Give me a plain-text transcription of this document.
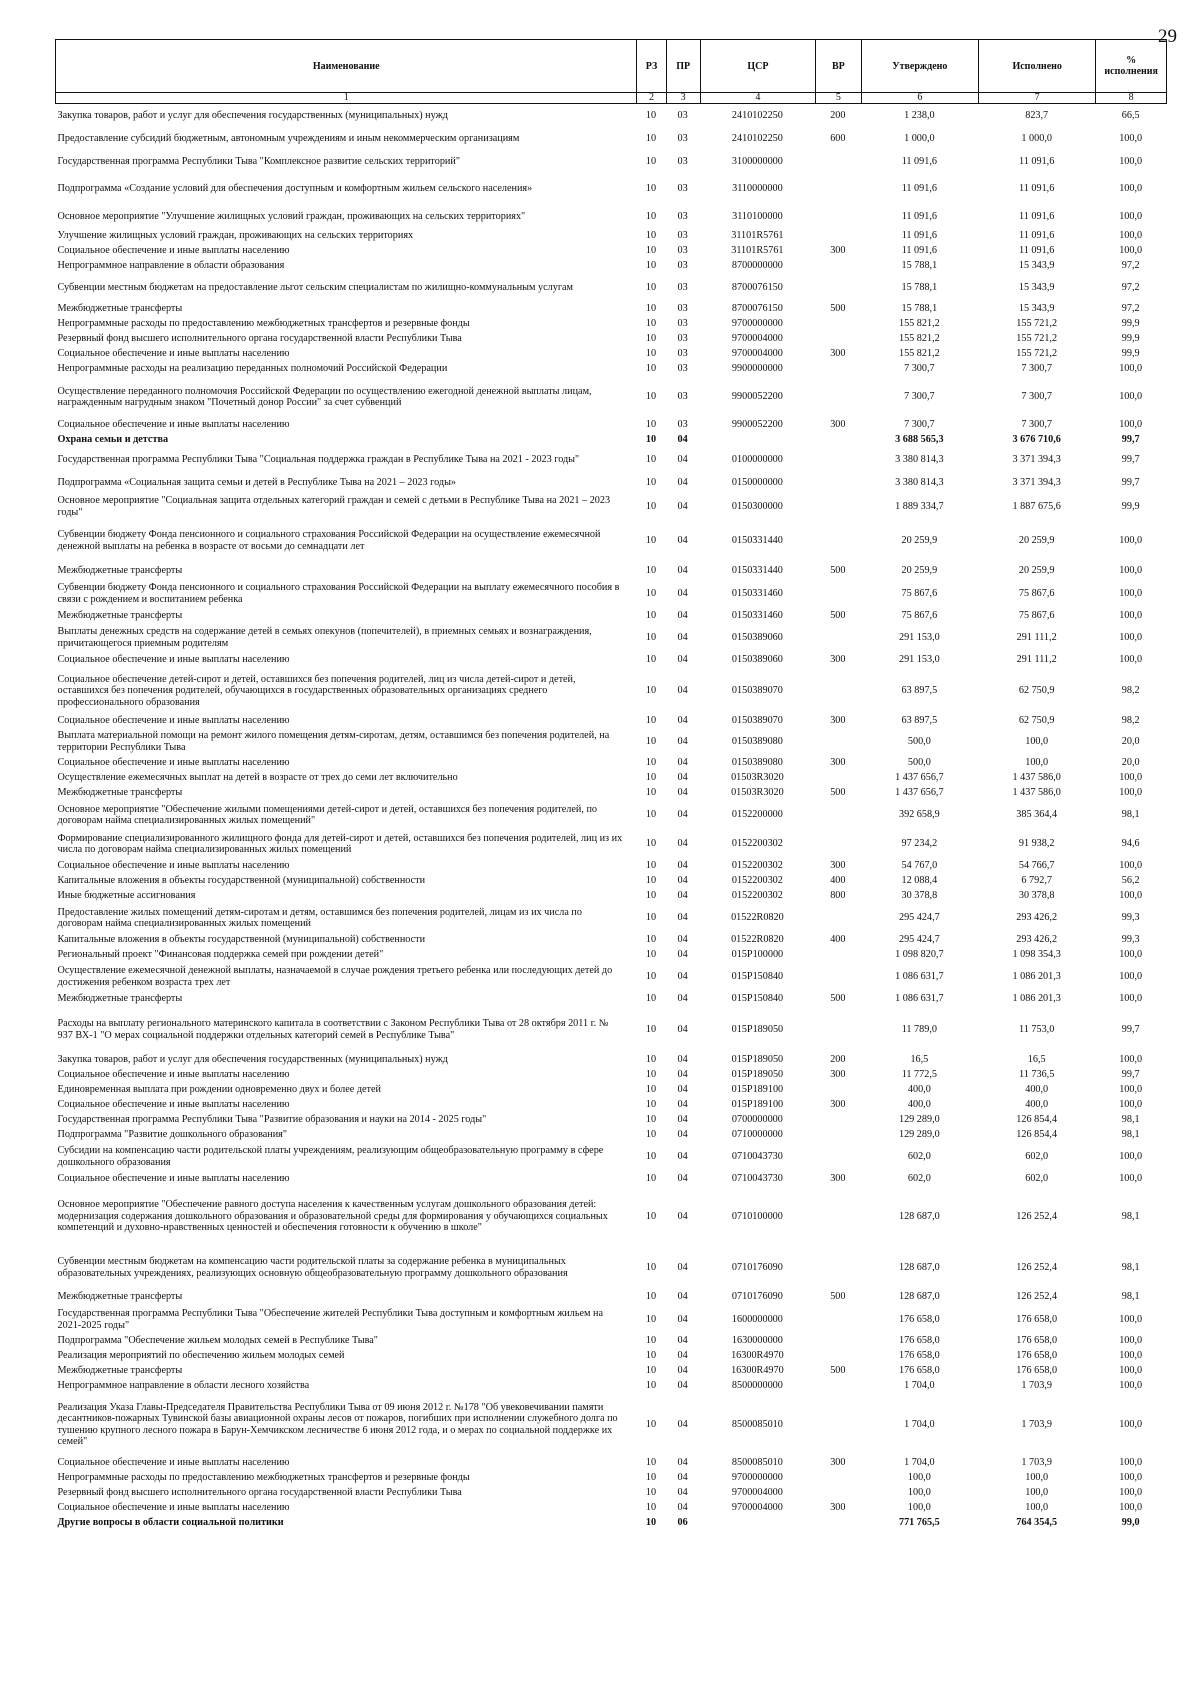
29
Наименование	РЗ	ПР	ЦСР	ВР	Утверждено	Исполнено	% исполнения
1	2	3	4	5	6	7	8
Закупка товаров, работ и услуг для обеспечения государственных (муниципальных) нужд	10	03	2410102250	200	1 238,0	823,7	66,5
Предоставление субсидий бюджетным, автономным учреждениям и иным некоммерческим организациям	10	03	2410102250	600	1 000,0	1 000,0	100,0
Государственная программа Республики Тыва "Комплексное развитие сельских территорий"	10	03	3100000000		11 091,6	11 091,6	100,0
Подпрограмма «Создание условий для обеспечения доступным и комфортным жильем сельского населения»	10	03	3110000000		11 091,6	11 091,6	100,0
Основное мероприятие "Улучшение жилищных условий граждан, проживающих на сельских территориях"	10	03	3110100000		11 091,6	11 091,6	100,0
Улучшение жилищных условий граждан, проживающих на сельских территориях	10	03	31101R5761		11 091,6	11 091,6	100,0
Социальное обеспечение и иные выплаты населению	10	03	31101R5761	300	11 091,6	11 091,6	100,0
Непрограммное направление в области образования	10	03	8700000000		15 788,1	15 343,9	97,2
Субвенции местным бюджетам на предоставление льгот сельским специалистам по жилищно-коммунальным услугам	10	03	8700076150		15 788,1	15 343,9	97,2
Межбюджетные трансферты	10	03	8700076150	500	15 788,1	15 343,9	97,2
Непрограммные расходы по предоставлению межбюджетных трансфертов и резервные фонды	10	03	9700000000		155 821,2	155 721,2	99,9
Резервный фонд высшего исполнительного органа государственной власти Республики Тыва	10	03	9700004000		155 821,2	155 721,2	99,9
Социальное обеспечение и иные выплаты населению	10	03	9700004000	300	155 821,2	155 721,2	99,9
Непрограммные расходы на реализацию переданных полномочий Российской Федерации	10	03	9900000000		7 300,7	7 300,7	100,0
Осуществление переданного полномочия Российской Федерации по осуществлению ежегодной денежной выплаты лицам, награжденным нагрудным знаком "Почетный донор России" за счет субвенций	10	03	9900052200		7 300,7	7 300,7	100,0
Социальное обеспечение и иные выплаты населению	10	03	9900052200	300	7 300,7	7 300,7	100,0
Охрана семьи и детства	10	04			3 688 565,3	3 676 710,6	99,7
Государственная программа Республики Тыва "Социальная поддержка граждан в Республике Тыва на 2021 - 2023 годы"	10	04	0100000000		3 380 814,3	3 371 394,3	99,7
Подпрограмма «Социальная защита семьи и детей в Республике Тыва на 2021 – 2023 годы»	10	04	0150000000		3 380 814,3	3 371 394,3	99,7
Основное мероприятие "Социальная защита отдельных категорий граждан и семей с детьми в Республике Тыва на 2021 – 2023 годы"	10	04	0150300000		1 889 334,7	1 887 675,6	99,9
Субвенции бюджету Фонда пенсионного и социального страхования Российской Федерации на осуществление ежемесячной денежной выплаты на ребенка в возрасте от восьми до семнадцати лет	10	04	0150331440		20 259,9	20 259,9	100,0
Межбюджетные трансферты	10	04	0150331440	500	20 259,9	20 259,9	100,0
Субвенции бюджету Фонда пенсионного и социального страхования Российской Федерации на выплату ежемесячного пособия в связи с рождением и воспитанием ребенка	10	04	0150331460		75 867,6	75 867,6	100,0
Межбюджетные трансферты	10	04	0150331460	500	75 867,6	75 867,6	100,0
Выплаты денежных средств на содержание детей в семьях опекунов (попечителей), в приемных семьях и вознаграждения, причитающегося приемным родителям	10	04	0150389060		291 153,0	291 111,2	100,0
Социальное обеспечение и иные выплаты населению	10	04	0150389060	300	291 153,0	291 111,2	100,0
Социальное обеспечение детей-сирот и детей, оставшихся без попечения родителей, лиц из числа детей-сирот и детей, оставшихся без попечения родителей, обучающихся в государственных образовательных организациях среднего профессионального образования	10	04	0150389070		63 897,5	62 750,9	98,2
Социальное обеспечение и иные выплаты населению	10	04	0150389070	300	63 897,5	62 750,9	98,2
Выплата материальной помощи на ремонт жилого помещения детям-сиротам, детям, оставшимся без попечения родителей, на территории Республики Тыва	10	04	0150389080		500,0	100,0	20,0
Социальное обеспечение и иные выплаты населению	10	04	0150389080	300	500,0	100,0	20,0
Осуществление ежемесячных выплат на детей в возрасте от трех до семи лет включительно	10	04	01503R3020		1 437 656,7	1 437 586,0	100,0
Межбюджетные трансферты	10	04	01503R3020	500	1 437 656,7	1 437 586,0	100,0
Основное мероприятие "Обеспечение жилыми помещениями детей-сирот и детей, оставшихся без попечения родителей, по договорам найма специализированных жилых помещений"	10	04	0152200000		392 658,9	385 364,4	98,1
Формирование специализированного жилищного фонда для детей-сирот и детей, оставшихся без попечения родителей, лиц из их числа по договорам найма специализированных жилых помещений	10	04	0152200302		97 234,2	91 938,2	94,6
Социальное обеспечение и иные выплаты населению	10	04	0152200302	300	54 767,0	54 766,7	100,0
Капитальные вложения в объекты государственной (муниципальной) собственности	10	04	0152200302	400	12 088,4	6 792,7	56,2
Иные бюджетные ассигнования	10	04	0152200302	800	30 378,8	30 378,8	100,0
Предоставление жилых помещений детям-сиротам и детям, оставшимся без попечения родителей, лицам из их числа по договорам найма специализированных жилых помещений	10	04	01522R0820		295 424,7	293 426,2	99,3
Капитальные вложения в объекты государственной (муниципальной) собственности	10	04	01522R0820	400	295 424,7	293 426,2	99,3
Региональный проект "Финансовая поддержка семей при рождении детей"	10	04	015P100000		1 098 820,7	1 098 354,3	100,0
Осуществление ежемесячной денежной выплаты, назначаемой в случае рождения третьего ребенка или последующих детей до достижения ребенком возраста трех лет	10	04	015P150840		1 086 631,7	1 086 201,3	100,0
Межбюджетные трансферты	10	04	015P150840	500	1 086 631,7	1 086 201,3	100,0
Расходы на выплату регионального материнского капитала в соответствии с Законом Республики Тыва от 28 октября 2011 г. № 937 ВХ-1 "О мерах социальной поддержки отдельных категорий семей в Республике Тыва"	10	04	015P189050		11 789,0	11 753,0	99,7
Закупка товаров, работ и услуг для обеспечения государственных (муниципальных) нужд	10	04	015P189050	200	16,5	16,5	100,0
Социальное обеспечение и иные выплаты населению	10	04	015P189050	300	11 772,5	11 736,5	99,7
Единовременная выплата при рождении одновременно двух и более детей	10	04	015P189100		400,0	400,0	100,0
Социальное обеспечение и иные выплаты населению	10	04	015P189100	300	400,0	400,0	100,0
Государственная программа Республики Тыва "Развитие образования и науки на 2014 - 2025 годы"	10	04	0700000000		129 289,0	126 854,4	98,1
Подпрограмма "Развитие дошкольного образования"	10	04	0710000000		129 289,0	126 854,4	98,1
Субсидии на компенсацию части родительской платы учреждениям, реализующим общеобразовательную программу в сфере дошкольного образования	10	04	0710043730		602,0	602,0	100,0
Социальное обеспечение и иные выплаты населению	10	04	0710043730	300	602,0	602,0	100,0
Основное мероприятие "Обеспечение равного доступа населения к качественным услугам дошкольного образования детей: модернизация содержания дошкольного образования и образовательной среды для формирования у обучающихся социальных компетенций и духовно-нравственных ценностей и обеспечения готовности к обучению в школе"	10	04	0710100000		128 687,0	126 252,4	98,1
Субвенции местным бюджетам на компенсацию части родительской платы за содержание ребенка в муниципальных образовательных учреждениях, реализующих основную общеобразовательную программу дошкольного образования	10	04	0710176090		128 687,0	126 252,4	98,1
Межбюджетные трансферты	10	04	0710176090	500	128 687,0	126 252,4	98,1
Государственная программа Республики Тыва "Обеспечение жителей Республики Тыва доступным и комфортным жильем на 2021-2025 годы"	10	04	1600000000		176 658,0	176 658,0	100,0
Подпрограмма "Обеспечение жильем молодых семей в Республике Тыва"	10	04	1630000000		176 658,0	176 658,0	100,0
Реализация мероприятий по обеспечению жильем молодых семей	10	04	16300R4970		176 658,0	176 658,0	100,0
Межбюджетные трансферты	10	04	16300R4970	500	176 658,0	176 658,0	100,0
Непрограммное направление в области лесного хозяйства	10	04	8500000000		1 704,0	1 703,9	100,0
Реализация Указа Главы-Председателя Правительства Республики Тыва от 09 июня 2012 г. №178 "Об увековечивании памяти десантников-пожарных Тувинской базы авиационной охраны лесов от пожаров, погибших при исполнении служебного долга по тушению крупного лесного пожара в Барун-Хемчикском лесничестве 6 июня 2012 года, и о мерах по социальной поддержке их семей"	10	04	8500085010		1 704,0	1 703,9	100,0
Социальное обеспечение и иные выплаты населению	10	04	8500085010	300	1 704,0	1 703,9	100,0
Непрограммные расходы по предоставлению межбюджетных трансфертов и резервные фонды	10	04	9700000000		100,0	100,0	100,0
Резервный фонд высшего исполнительного органа государственной власти Республики Тыва	10	04	9700004000		100,0	100,0	100,0
Социальное обеспечение и иные выплаты населению	10	04	9700004000	300	100,0	100,0	100,0
Другие вопросы в области социальной политики	10	06			771 765,5	764 354,5	99,0
